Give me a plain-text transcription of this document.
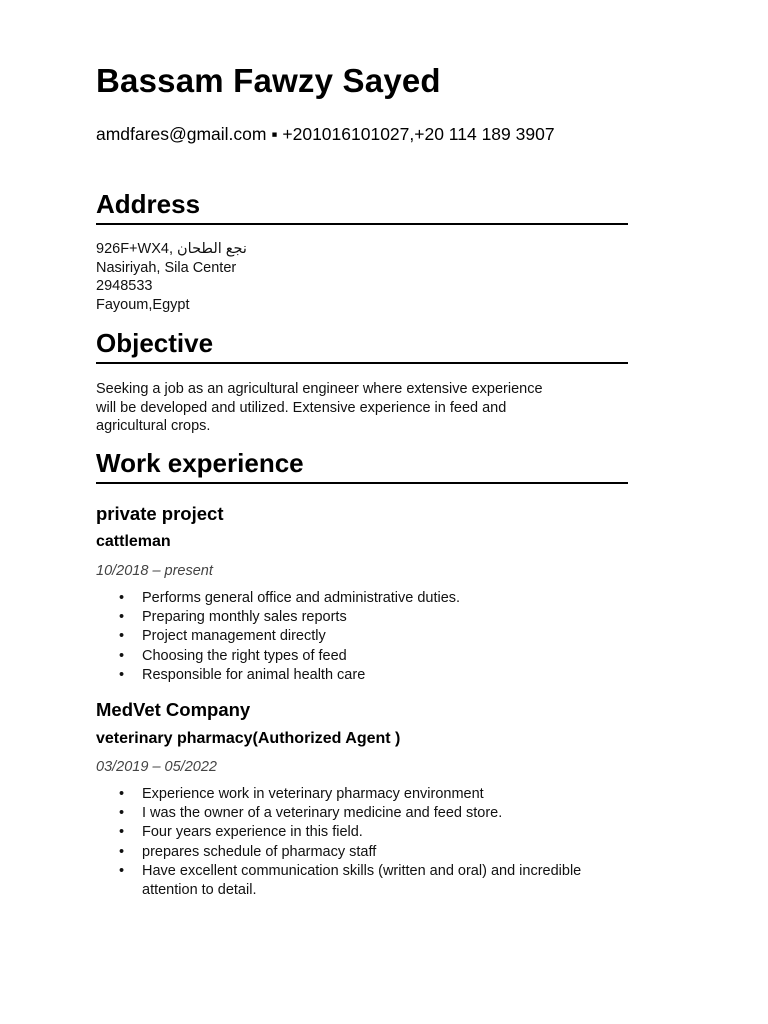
Bassam Fawzy Sayed
amdfares@gmail.com ▪ +201016101027,+20 114 189 3907
Address
926F+WX4, نجع الطحان
Nasiriyah, Sila Center
2948533
Fayoum,Egypt
Objective
Seeking a job as an agricultural engineer where extensive experience
will be developed and utilized. Extensive experience in feed and
agricultural crops.
Work experience
private project
cattleman
10/2018 – present
• Performs general office and administrative duties.
• Preparing monthly sales reports
• Project management directly
• Choosing the right types of feed
• Responsible for animal health care
MedVet Company
veterinary pharmacy(Authorized Agent )
03/2019 – 05/2022
• Experience work in veterinary pharmacy environment
• I was the owner of a veterinary medicine and feed store.
• Four years experience in this field.
• prepares schedule of pharmacy staff
• Have excellent communication skills (written and oral) and incredible attention to detail.
